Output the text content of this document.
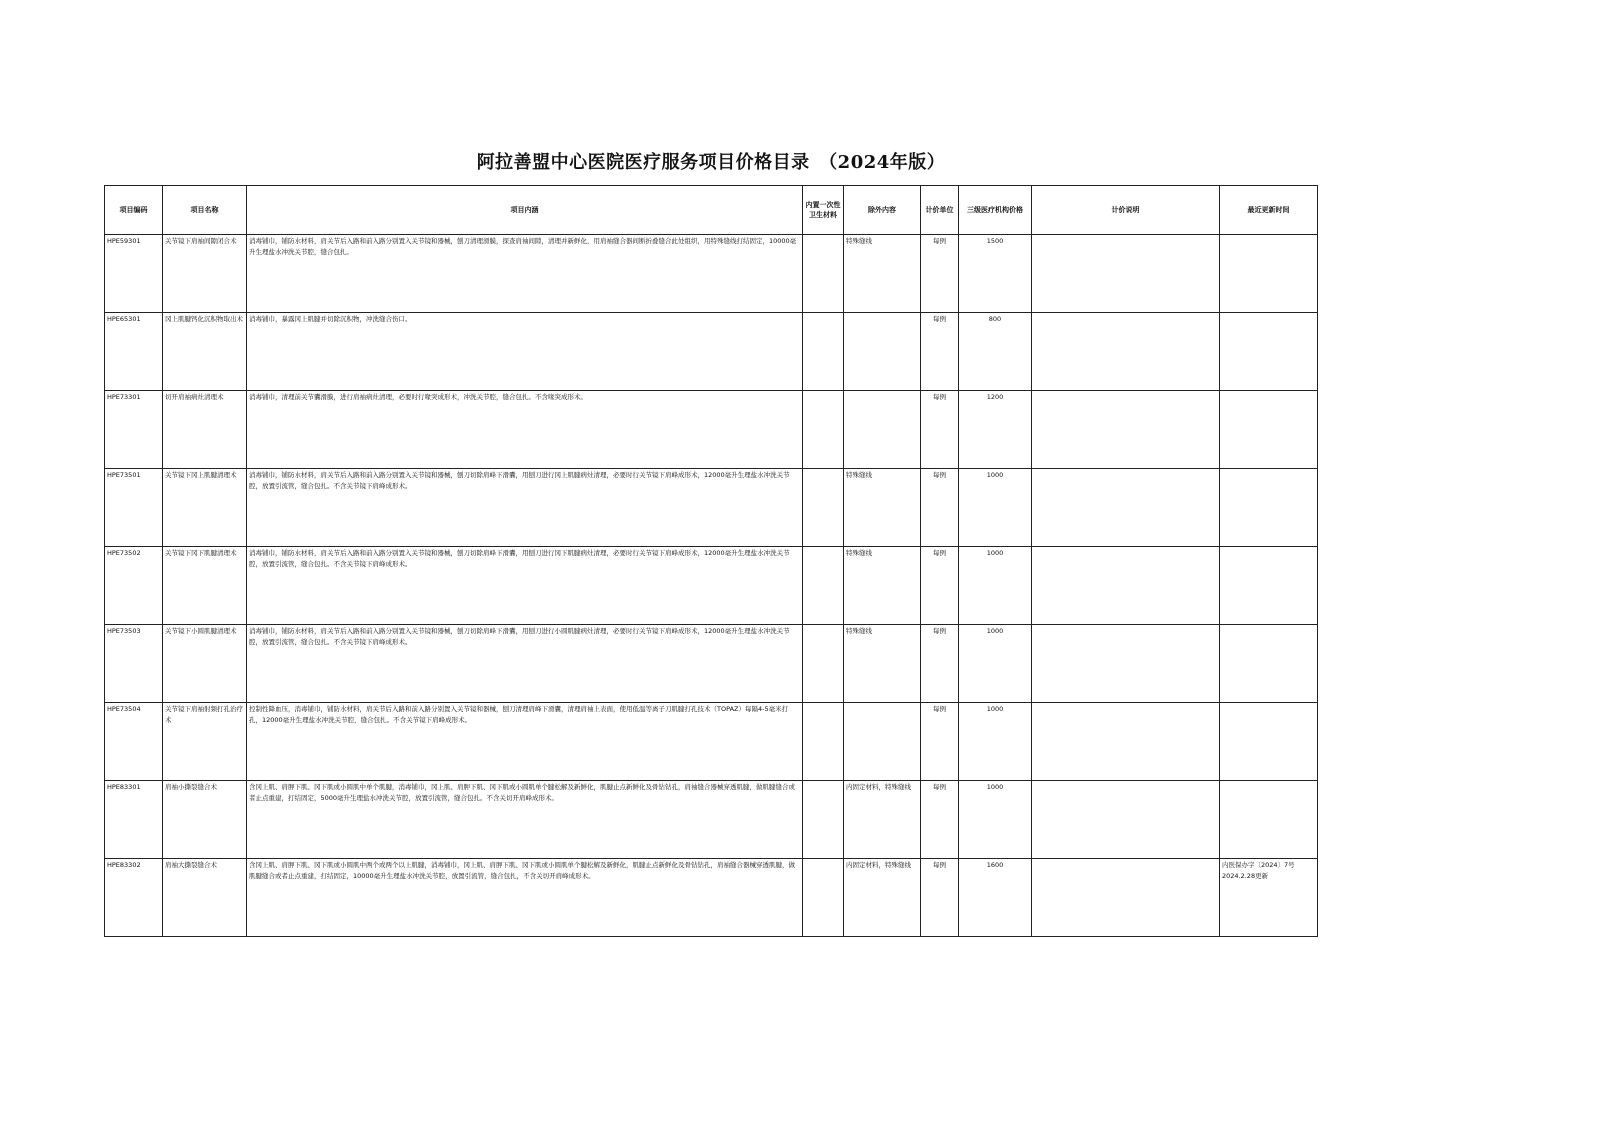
阿拉善盟中心医院医疗服务项目价格目录　（2024年版）
项目编码	项目名称	项目内涵	内置一次性卫生材料	除外内容	计价单位	三级医疗机构价格	计价说明	最近更新时间
HPE59301	关节镜下肩袖间隙闭合术	消毒铺巾，铺防水材料，肩关节后入路和前入路分别置入关节镜和器械，刨刀清理滑膜，探查肩袖间隙，清理并新鲜化，用肩袖缝合器间断折叠缝合此处组织，用特殊缝线打结固定，10000毫升生理盐水冲洗关节腔，缝合包扎。		特殊缝线	每例	1500		
HPE65301	冈上肌腱钙化沉积物取出术	消毒铺巾，暴露冈上肌腱并切除沉积物，冲洗缝合伤口。			每例	800		
HPE73301	切开肩袖病灶清理术	消毒铺巾，清理前关节囊滑膜，进行肩袖病灶清理，必要时行喙突成形术，冲洗关节腔，缝合包扎。不含喙突成形术。			每例	1200		
HPE73501	关节镜下冈上肌腱清理术	消毒铺巾，铺防水材料，肩关节后入路和前入路分别置入关节镜和器械，刨刀切除肩峰下滑囊，用刨刀进行冈上肌腱病灶清理，必要时行关节镜下肩峰成形术，12000毫升生理盐水冲洗关节腔，放置引流管，缝合包扎。不含关节镜下肩峰成形术。		特殊缝线	每例	1000		
HPE73502	关节镜下冈下肌腱清理术	消毒铺巾，铺防水材料，肩关节后入路和前入路分别置入关节镜和器械，刨刀切除肩峰下滑囊，用刨刀进行冈下肌腱病灶清理，必要时行关节镜下肩峰成形术，12000毫升生理盐水冲洗关节腔，放置引流管，缝合包扎。不含关节镜下肩峰成形术。		特殊缝线	每例	1000		
HPE73503	关节镜下小圆肌腱清理术	消毒铺巾，铺防水材料，肩关节后入路和前入路分别置入关节镜和器械，刨刀切除肩峰下滑囊，用刨刀进行小圆肌腱病灶清理，必要时行关节镜下肩峰成形术，12000毫升生理盐水冲洗关节腔，放置引流管，缝合包扎。不含关节镜下肩峰成形术。		特殊缝线	每例	1000		
HPE73504	关节镜下肩袖射频打孔治疗术	控制性降血压，消毒铺巾，铺防水材料，肩关节后入路和前入路分别置入关节镜和器械，刨刀清理肩峰下滑囊，清理肩袖上表面，使用低温等离子刀肌腱打孔技术（TOPAZ）每隔4-5毫米打孔，12000毫升生理盐水冲洗关节腔，缝合包扎。不含关节镜下肩峰成形术。			每例	1000		
HPE83301	肩袖小撕裂缝合术	含冈上肌、肩胛下肌、冈下肌或小圆肌中单个肌腱，消毒铺巾，冈上肌、肩胛下肌、冈下肌或小圆肌单个腱松解及新鲜化，肌腱止点新鲜化及骨钻钻孔，肩袖缝合器械穿透肌腱，做肌腱缝合或者止点重建，打结固定，5000毫升生理盐水冲洗关节腔，放置引流管，缝合包扎。不含关切开肩峰成形术。		内固定材料，特殊缝线	每例	1000		
HPE83302	肩袖大撕裂缝合术	含冈上肌、肩胛下肌、冈下肌或小圆肌中两个或两个以上肌腱，消毒铺巾，冈上肌、肩胛下肌、冈下肌或小圆肌单个腱松解及新鲜化，肌腱止点新鲜化及骨钻钻孔，肩袖缝合器械穿透肌腱，做肌腱缝合或者止点重建，打结固定，10000毫升生理盐水冲洗关节腔，放置引流管，缝合包扎，不含关切开肩峰成形术。		内固定材料，特殊缝线	每例	1600		内医保办字〔2024〕7号 2024.2.28更新
